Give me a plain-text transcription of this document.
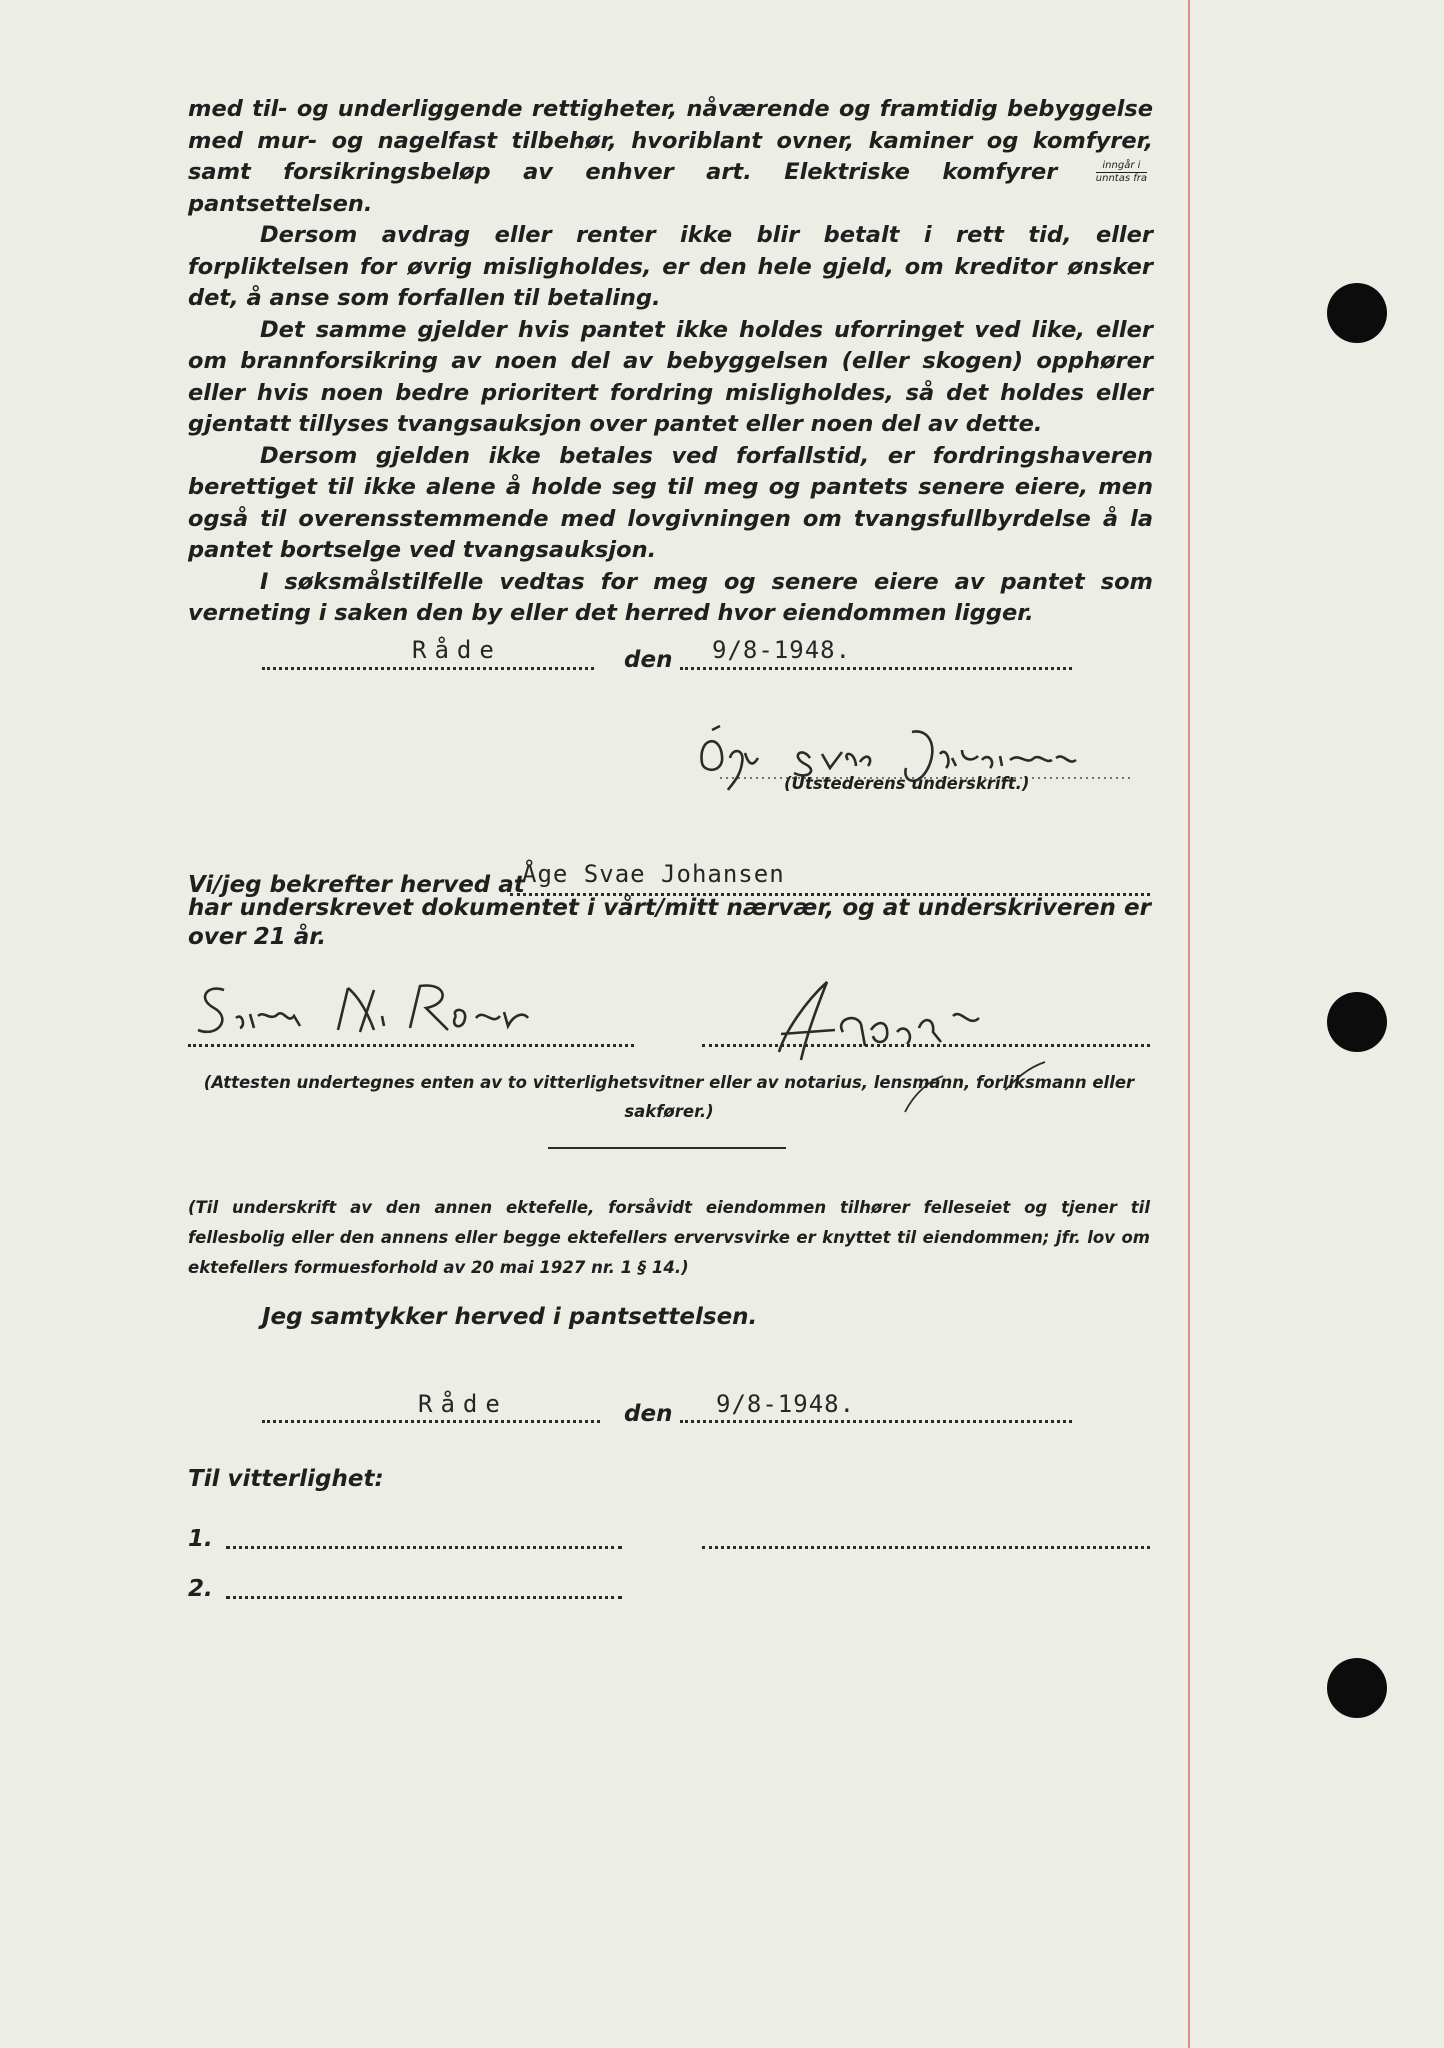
med til- og underliggende rettigheter, nåværende og framtidig bebyggelse med mur- og nagelfast tilbehør, hvoriblant ovner, kaminer og komfyrer, samt forsikringsbeløp av enhver art. Elektriske komfyrer	$\frac{\text{inngår i}}{\text{unntas fra}}$
pantsettelsen.

Dersom avdrag eller renter ikke blir betalt i rett tid, eller forpliktelsen for øvrig misligholdes, er den hele gjeld, om kreditor ønsker det, å anse som forfallen til betaling.

Det samme gjelder hvis pantet ikke holdes uforringet ved like, eller om brannforsikring av noen del av bebyggelsen (eller skogen) opphører eller hvis noen bedre prioritert fordring misligholdes, så det holdes eller gjentatt tillyses tvangsauksjon over pantet eller noen del av dette.

Dersom gjelden ikke betales ved forfallstid, er fordringshaveren berettiget til ikke alene å holde seg til meg og pantets senere eiere, men også til overensstemmende med lovgivningen om tvangsfullbyrdelse å la pantet bortselge ved tvangsauksjon.

I søksmålstilfelle vedtas for meg og senere eiere av pantet som verneting i saken den by eller det herred hvor eiendommen ligger.

Råde	den 9/8-1948.
(Utstederens underskrift.)
Vi/jeg bekrefter herved at
Åge Svae Johansen
har underskrevet dokumentet i vårt/mitt nærvær, og at underskriveren er
over 21 år.
(Attesten undertegnes enten av to vitterlighetsvitner eller av notarius, lensmann, forliksmann eller sakfører.)
(Til underskrift av den annen ektefelle, forsåvidt eiendommen tilhører felleseiet og tjener til fellesbolig eller den annens eller begge ektefellers ervervsvirke er knyttet til eiendommen; jfr. lov om ektefellers formuesforhold av 20 mai 1927 nr. 1 § 14.)
Jeg samtykker herved i pantsettelsen.
Råde	den 9/8-1948.
Til vitterlighet:
1.
2.
